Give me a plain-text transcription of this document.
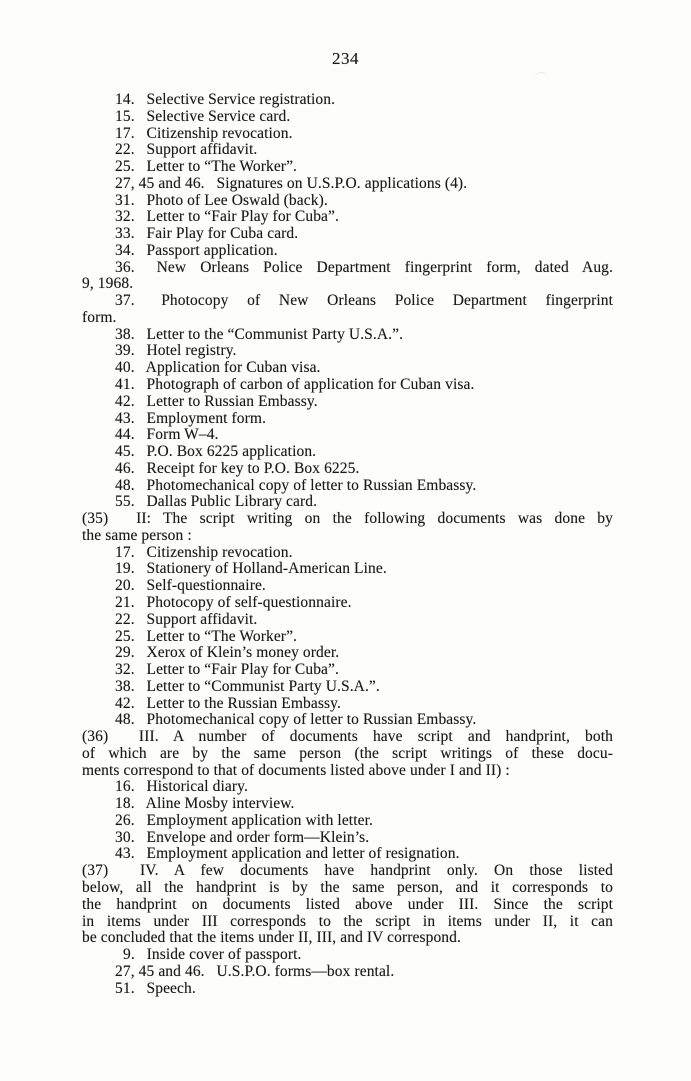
234

14.  Selective Service registration.

15.  Selective Service card.

17.  Citizenship revocation.

22.  Support affidavit.

25.  Letter to “The Worker”.

27, 45 and 46.  Signatures on U.S.P.O. applications (4).

31.  Photo of Lee Oswald (back).

32.  Letter to “Fair Play for Cuba”.

33.  Fair Play for Cuba card.

34.  Passport application.

36.  New Orleans Police Department fingerprint form, dated Aug.

9, 1968.

37.  Photocopy of New Orleans Police Department fingerprint

form.

38.  Letter to the “Communist Party U.S.A.”.

39.  Hotel registry.

40.  Application for Cuban visa.

41.  Photograph of carbon of application for Cuban visa.

42.  Letter to Russian Embassy.

43.  Employment form.

44.  Form W–4.

45.  P.O. Box 6225 application.

46.  Receipt for key to P.O. Box 6225.

48.  Photomechanical copy of letter to Russian Embassy.

55.  Dallas Public Library card.

(35)  II: The script writing on the following documents was done by

the same person :

17.  Citizenship revocation.

19.  Stationery of Holland-American Line.

20.  Self-questionnaire.

21.  Photocopy of self-questionnaire.

22.  Support affidavit.

25.  Letter to “The Worker”.

29.  Xerox of Klein’s money order.

32.  Letter to “Fair Play for Cuba”.

38.  Letter to “Communist Party U.S.A.”.

42.  Letter to the Russian Embassy.

48.  Photomechanical copy of letter to Russian Embassy.

(36)  III. A number of documents have script and handprint, both

of which are by the same person (the script writings of these docu-

ments correspond to that of documents listed above under I and II) :

16.  Historical diary.

18.  Aline Mosby interview.

26.  Employment application with letter.

30.  Envelope and order form—Klein’s.

43.  Employment application and letter of resignation.

(37)  IV. A few documents have handprint only. On those listed

below, all the handprint is by the same person, and it corresponds to

the handprint on documents listed above under III. Since the script

in items under III corresponds to the script in items under II, it can

be concluded that the items under II, III, and IV correspond.

9.  Inside cover of passport.

27, 45 and 46.  U.S.P.O. forms—box rental.

51.  Speech.
